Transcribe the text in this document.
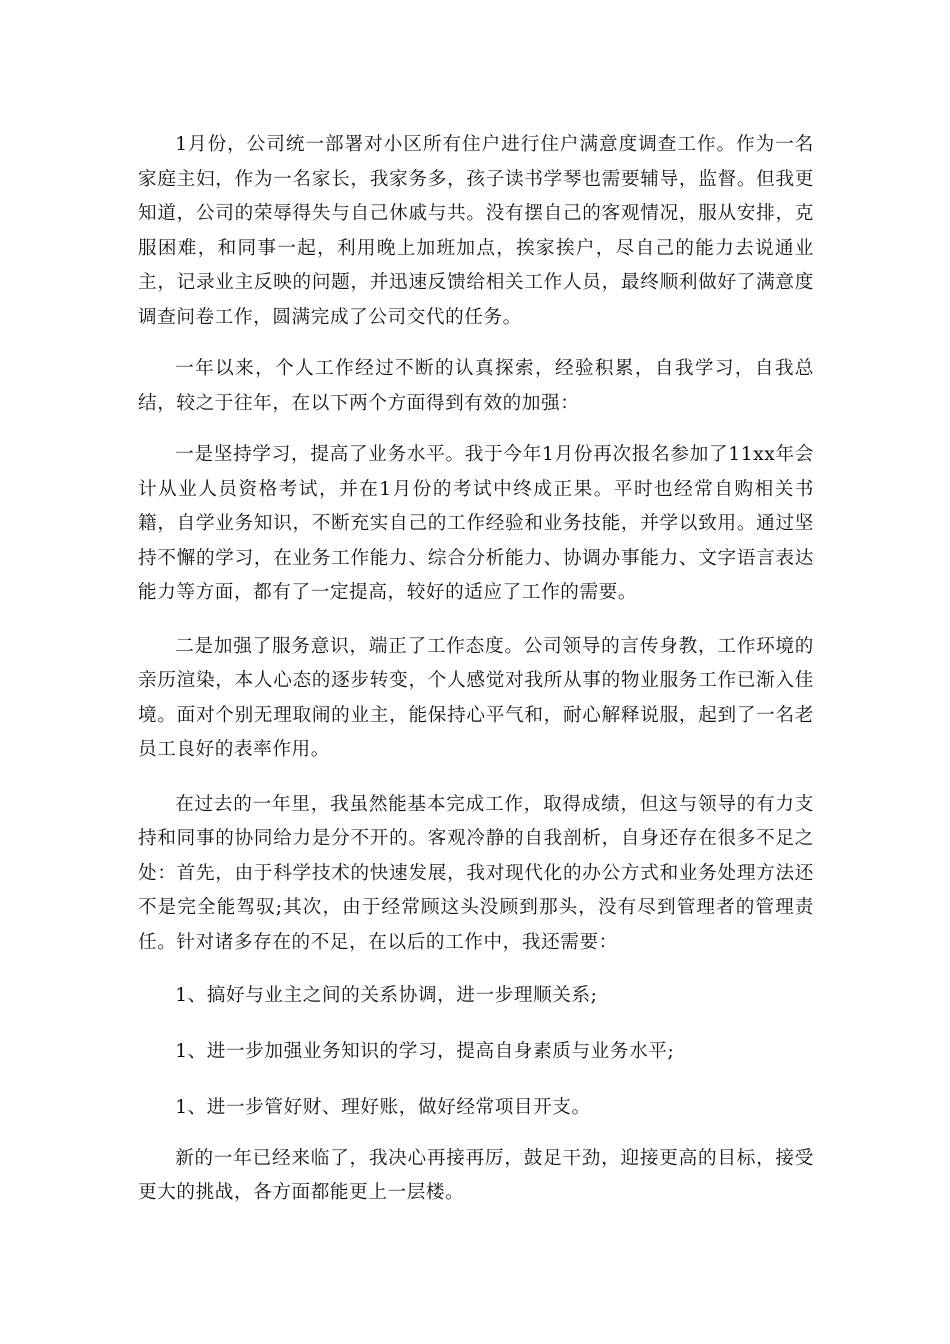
1月份，公司统一部署对小区所有住户进行住户满意度调查工作。作为一名家庭主妇，作为一名家长，我家务多，孩子读书学琴也需要辅导，监督。但我更知道，公司的荣辱得失与自己休戚与共。没有摆自己的客观情况，服从安排，克服困难，和同事一起，利用晚上加班加点，挨家挨户，尽自己的能力去说通业主，记录业主反映的问题，并迅速反馈给相关工作人员，最终顺利做好了满意度调查问卷工作，圆满完成了公司交代的任务。

一年以来，个人工作经过不断的认真探索，经验积累，自我学习，自我总结，较之于往年，在以下两个方面得到有效的加强：

一是坚持学习，提高了业务水平。我于今年1月份再次报名参加了11xx年会计从业人员资格考试，并在1月份的考试中终成正果。平时也经常自购相关书籍，自学业务知识，不断充实自己的工作经验和业务技能，并学以致用。通过坚持不懈的学习，在业务工作能力、综合分析能力、协调办事能力、文字语言表达能力等方面，都有了一定提高，较好的适应了工作的需要。

二是加强了服务意识，端正了工作态度。公司领导的言传身教，工作环境的亲历渲染，本人心态的逐步转变，个人感觉对我所从事的物业服务工作已渐入佳境。面对个别无理取闹的业主，能保持心平气和，耐心解释说服，起到了一名老员工良好的表率作用。

在过去的一年里，我虽然能基本完成工作，取得成绩，但这与领导的有力支持和同事的协同给力是分不开的。客观冷静的自我剖析，自身还存在很多不足之处：首先，由于科学技术的快速发展，我对现代化的办公方式和业务处理方法还不是完全能驾驭;其次，由于经常顾这头没顾到那头，没有尽到管理者的管理责任。针对诸多存在的不足，在以后的工作中，我还需要：

1、搞好与业主之间的关系协调，进一步理顺关系;

1、进一步加强业务知识的学习，提高自身素质与业务水平;

1、进一步管好财、理好账，做好经常项目开支。

新的一年已经来临了，我决心再接再厉，鼓足干劲，迎接更高的目标，接受更大的挑战，各方面都能更上一层楼。
